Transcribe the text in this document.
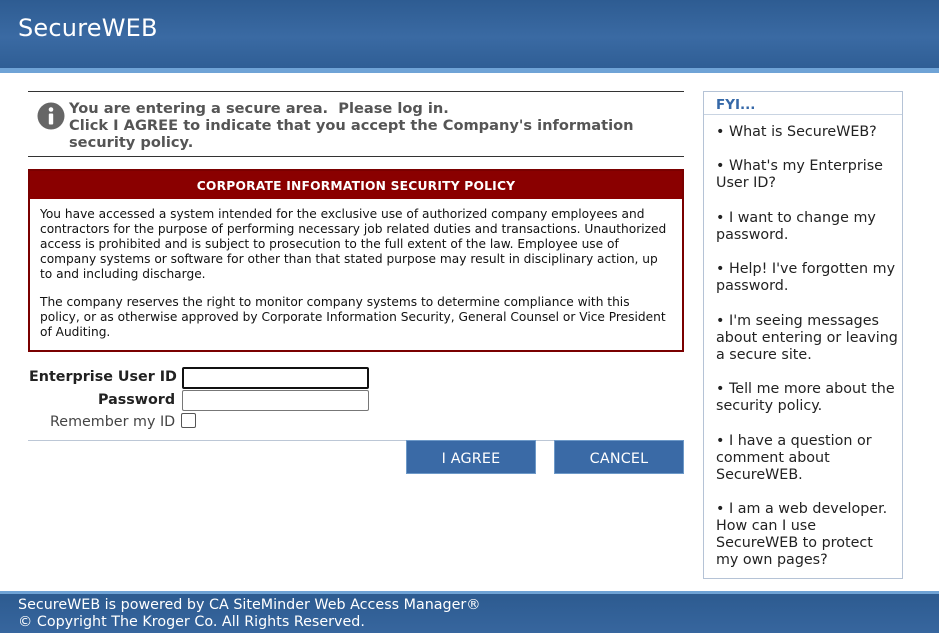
SecureWEB
You are entering a secure area.  Please log in.
Click I AGREE to indicate that you accept the Company's information security policy.
CORPORATE INFORMATION SECURITY POLICY

You have accessed a system intended for the exclusive use of authorized company employees and contractors for the purpose of performing necessary job related duties and transactions. Unauthorized access is prohibited and is subject to prosecution to the full extent of the law. Employee use of company systems or software for other than that stated purpose may result in disciplinary action, up to and including discharge.

The company reserves the right to monitor company systems to determine compliance with this policy, or as otherwise approved by Corporate Information Security, General Counsel or Vice President of Auditing.

Enterprise User ID
Password
Remember my ID
I AGREE	CANCEL
FYI...
• What is SecureWEB?
• What's my Enterprise User ID?
• I want to change my password.
• Help! I've forgotten my password.
• I'm seeing messages about entering or leaving a secure site.
• Tell me more about the security policy.
• I have a question or comment about SecureWEB.
• I am a web developer. How can I use SecureWEB to protect my own pages?
SecureWEB is powered by CA SiteMinder Web Access Manager®
© Copyright The Kroger Co. All Rights Reserved.
